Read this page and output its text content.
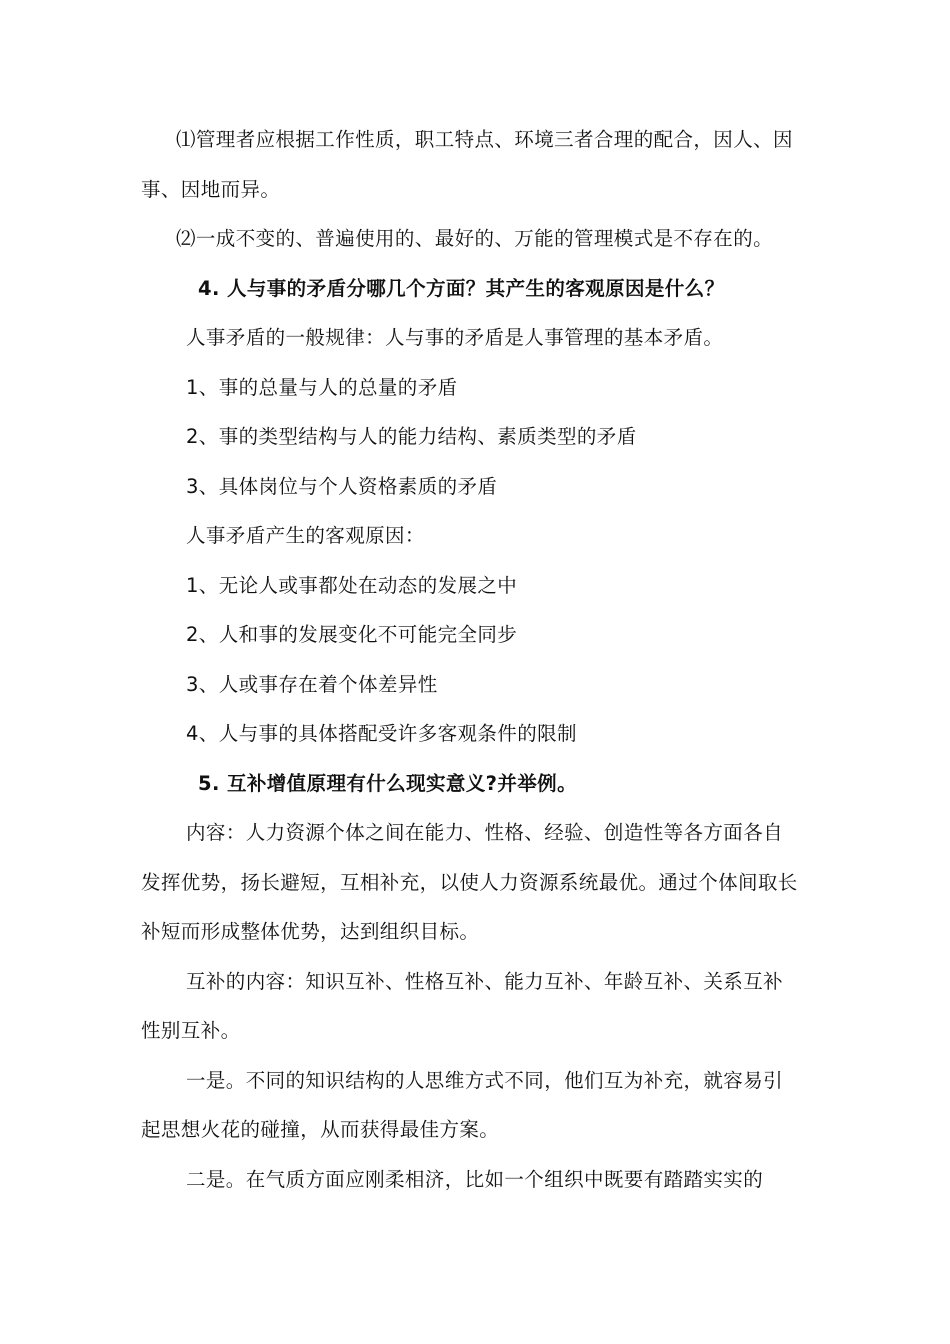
⑴管理者应根据工作性质，职工特点、环境三者合理的配合，因人、因

事、因地而异。

⑵一成不变的、普遍使用的、最好的、万能的管理模式是不存在的。

4. 人与事的矛盾分哪几个方面？其产生的客观原因是什么？

人事矛盾的一般规律：人与事的矛盾是人事管理的基本矛盾。

1、事的总量与人的总量的矛盾

2、事的类型结构与人的能力结构、素质类型的矛盾

3、具体岗位与个人资格素质的矛盾

人事矛盾产生的客观原因：

1、无论人或事都处在动态的发展之中

2、人和事的发展变化不可能完全同步

3、人或事存在着个体差异性

4、人与事的具体搭配受许多客观条件的限制

5. 互补增值原理有什么现实意义?并举例。

内容：人力资源个体之间在能力、性格、经验、创造性等各方面各自

发挥优势，扬长避短，互相补充，以使人力资源系统最优。通过个体间取长

补短而形成整体优势，达到组织目标。

互补的内容：知识互补、性格互补、能力互补、年龄互补、关系互补

性别互补。

一是。不同的知识结构的人思维方式不同，他们互为补充，就容易引

起思想火花的碰撞，从而获得最佳方案。

二是。在气质方面应刚柔相济，比如一个组织中既要有踏踏实实的
